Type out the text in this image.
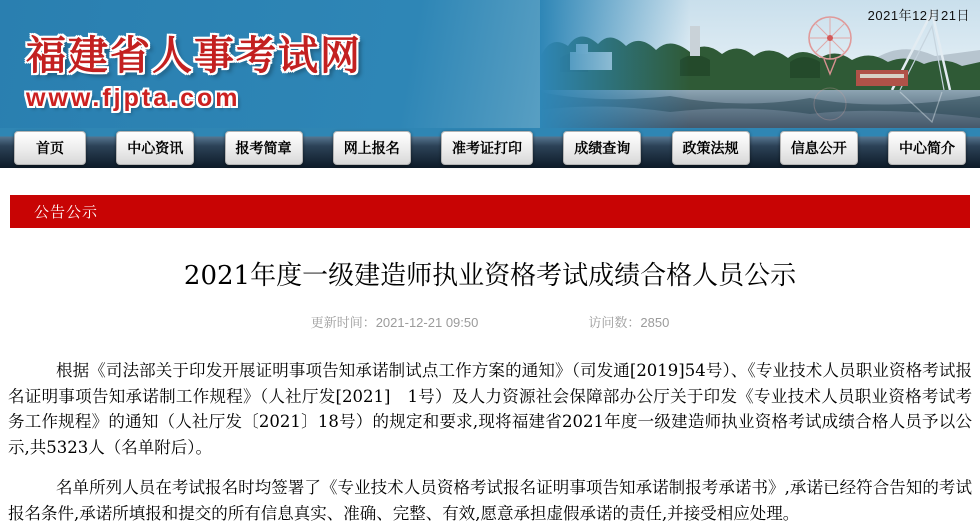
2021年12月21日
福建省人事考试网
www.fjpta.com
首页	中心资讯	报考简章	网上报名	准考证打印	成绩查询	政策法规	信息公开	中心简介
公告公示
2021年度一级建造师执业资格考试成绩合格人员公示
更新时间：2021-12-21 09:50	访问数：2850

根据《司法部关于印发开展证明事项告知承诺制试点工作方案的通知》（司发通[2019]54号）、《专业技术人员职业资格考试报名证明事项告知承诺制工作规程》（人社厅发[2021]　1号）及人力资源社会保障部办公厅关于印发《专业技术人员职业资格考试考务工作规程》的通知（人社厅发〔2021〕18号）的规定和要求,现将福建省2021年度一级建造师执业资格考试成绩合格人员予以公示,共5323人（名单附后）。

名单所列人员在考试报名时均签署了《专业技术人员资格考试报名证明事项告知承诺制报考承诺书》,承诺已经符合告知的考试报名条件,承诺所填报和提交的所有信息真实、准确、完整、有效,愿意承担虚假承诺的责任,并接受相应处理。
